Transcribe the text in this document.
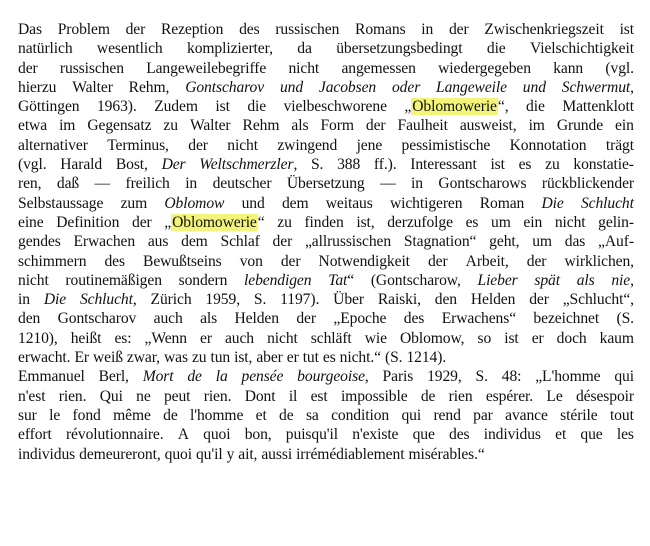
Das Problem der Rezeption des russischen Romans in der Zwischenkriegszeit ist
natürlich wesentlich komplizierter, da übersetzungsbedingt die Vielschichtigkeit
der russischen Langeweilebegriffe nicht angemessen wiedergegeben kann (vgl.
hierzu Walter Rehm, Gontscharov und Jacobsen oder Langeweile und Schwermut,
Göttingen 1963). Zudem ist die vielbeschworene „Oblomowerie“, die Mattenklott
etwa im Gegensatz zu Walter Rehm als Form der Faulheit ausweist, im Grunde ein
alternativer Terminus, der nicht zwingend jene pessimistische Konnotation trägt
(vgl. Harald Bost, Der Weltschmerzler, S. 388 ff.). Interessant ist es zu konstatie-
ren, daß — freilich in deutscher Übersetzung — in Gontscharows rückblickender
Selbstaussage zum Oblomow und dem weitaus wichtigeren Roman Die Schlucht
eine Definition der „Oblomowerie“ zu finden ist, derzufolge es um ein nicht gelin-
gendes Erwachen aus dem Schlaf der „allrussischen Stagnation“ geht, um das „Auf-
schimmern des Bewußtseins von der Notwendigkeit der Arbeit, der wirklichen,
nicht routinemäßigen sondern lebendigen Tat“ (Gontscharow, Lieber spät als nie,
in Die Schlucht, Zürich 1959, S. 1197). Über Raiski, den Helden der „Schlucht“,
den Gontscharov auch als Helden der „Epoche des Erwachens“ bezeichnet (S.
1210), heißt es: „Wenn er auch nicht schläft wie Oblomow, so ist er doch kaum
erwacht. Er weiß zwar, was zu tun ist, aber er tut es nicht.“ (S. 1214).
Emmanuel Berl, Mort de la pensée bourgeoise, Paris 1929, S. 48: „L'homme qui
n'est rien. Qui ne peut rien. Dont il est impossible de rien espérer. Le désespoir
sur le fond même de l'homme et de sa condition qui rend par avance stérile tout
effort révolutionnaire. A quoi bon, puisqu'il n'existe que des individus et que les
individus demeureront, quoi qu'il y ait, aussi irrémédiablement misérables.“
